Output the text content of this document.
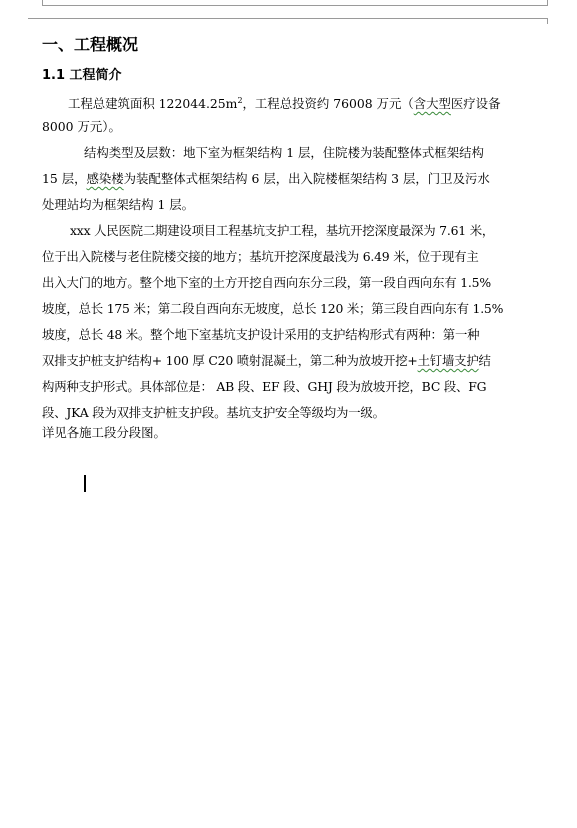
一、工程概况
1.1 工程简介
工程总建筑面积 $122044.25m^2$，工程总投资约 76008 万元（含大型医疗设备
8000 万元）。
结构类型及层数：地下室为框架结构 1 层，住院楼为装配整体式框架结构
15 层，感染楼为装配整体式框架结构 6 层，出入院楼框架结构 3 层，门卫及污水
处理站均为框架结构 1 层。
xxx 人民医院二期建设项目工程基坑支护工程，基坑开挖深度最深为 7.61 米，
位于出入院楼与老住院楼交接的地方；基坑开挖深度最浅为 6.49 米，位于现有主
出入大门的地方。整个地下室的土方开挖自西向东分三段，第一段自西向东有 1.5%
坡度，总长 175 米；第二段自西向东无坡度，总长 120 米；第三段自西向东有 1.5%
坡度，总长 48 米。整个地下室基坑支护设计采用的支护结构形式有两种：第一种
双排支护桩支护结构+ 100 厚 C20 喷射混凝土，第二种为放坡开挖+土钉墙支护结
构两种支护形式。具体部位是： AB 段、EF 段、GHJ 段为放坡开挖，BC 段、FG
段、JKA 段为双排支护桩支护段。基坑支护安全等级均为一级。
详见各施工段分段图。
